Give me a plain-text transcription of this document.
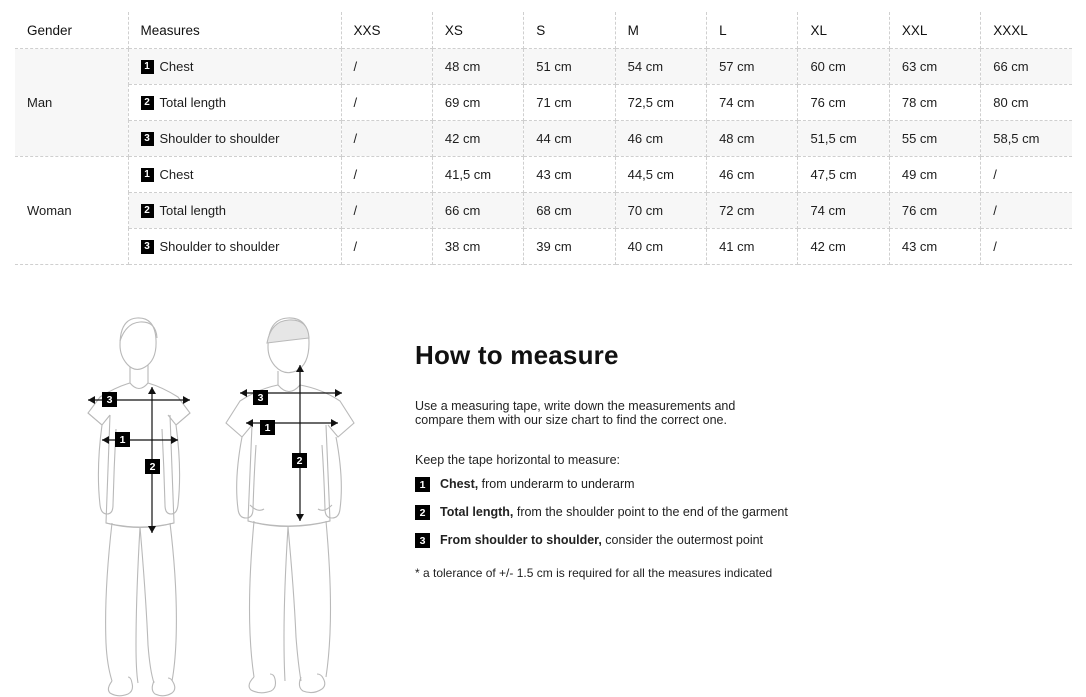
Gender	Measures	XXS	XS	S	M	L	XL	XXL	XXXL
Man	1 Chest	/	48 cm	51 cm	54 cm	57 cm	60 cm	63 cm	66 cm

2 Total length	/	69 cm	71 cm	72,5 cm	74 cm	76 cm	78 cm	80 cm

3 Shoulder to shoulder	/	42 cm	44 cm	46 cm	48 cm	51,5 cm	55 cm	58,5 cm
Woman	1 Chest	/	41,5 cm	43 cm	44,5 cm	46 cm	47,5 cm	49 cm	/

2 Total length	/	66 cm	68 cm	70 cm	72 cm	74 cm	76 cm	/

3 Shoulder to shoulder	/	38 cm	39 cm	40 cm	41 cm	42 cm	43 cm	/
3
1
2
3
1
2
How to measure

Use a measuring tape, write down the measurements and
compare them with our size chart to find the correct one.

Keep the tape horizontal to measure:

1	Chest, from underarm to underarm
2	Total length, from the shoulder point to the end of the garment
3	From shoulder to shoulder, consider the outermost point

* a tolerance of +/- 1.5 cm is required for all the measures indicated
